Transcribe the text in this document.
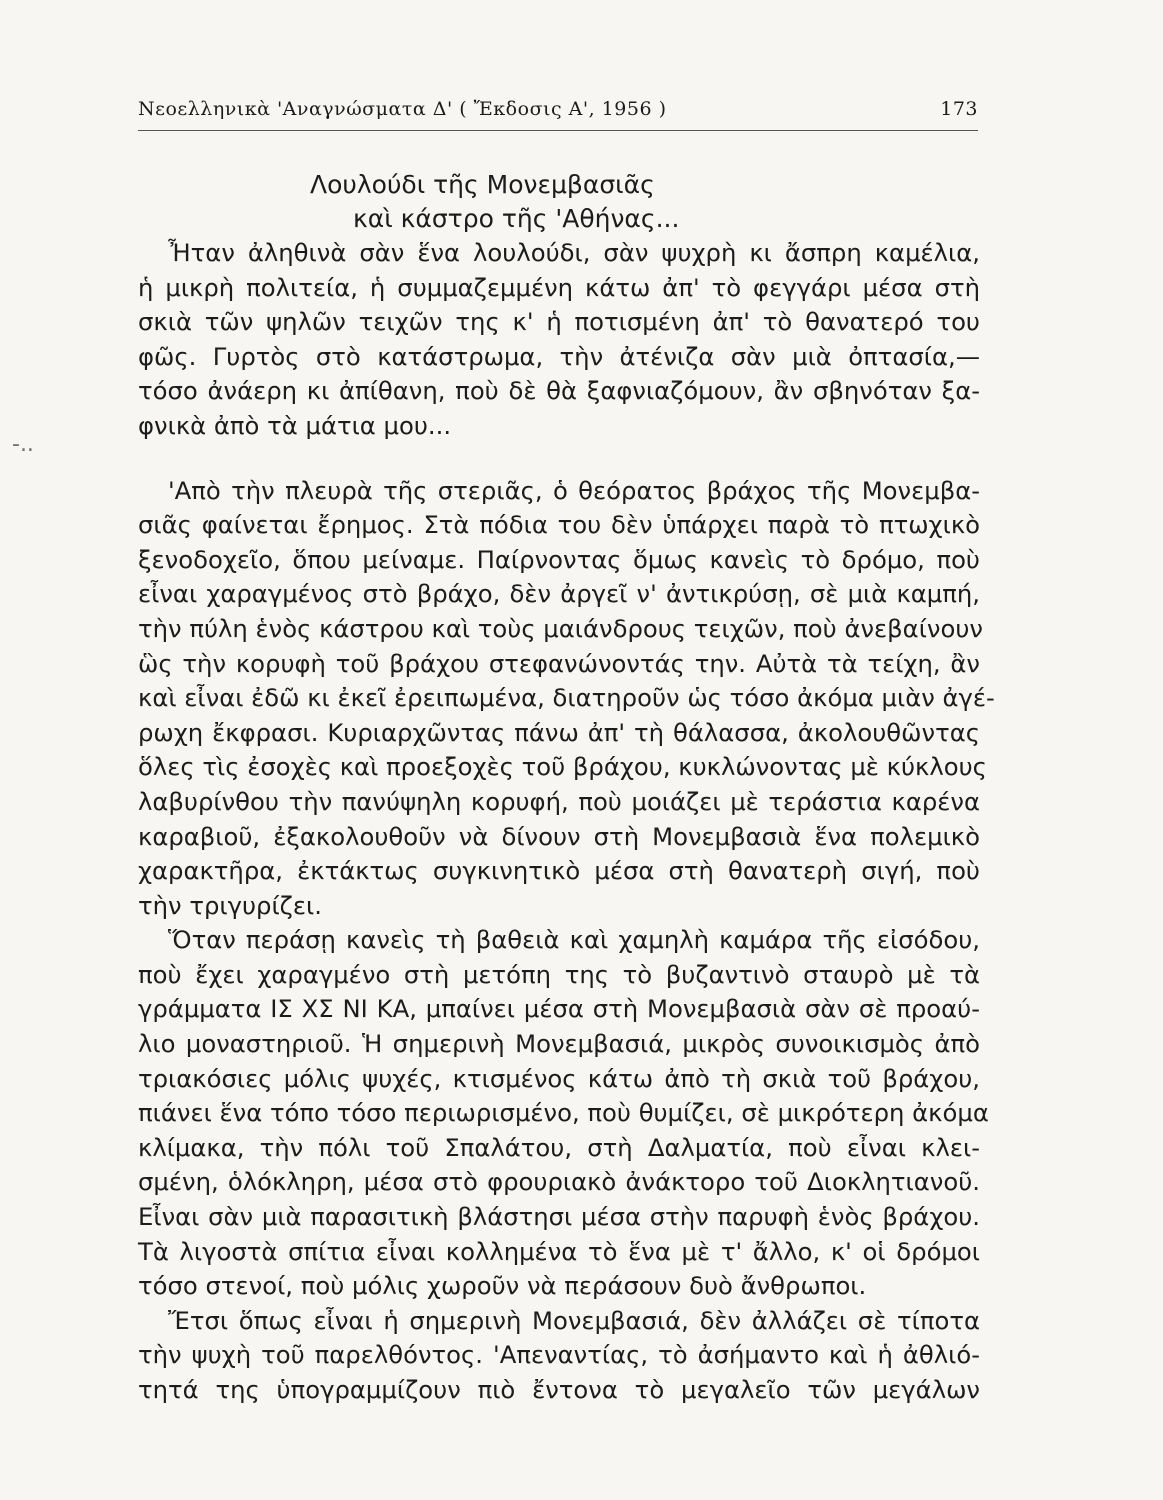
Νεοελληνικὰ 'Αναγνώσματα Δ' ( Ἔκδοσις Α', 1956 )	173
-..
Λουλούδι τῆς Μονεμβασιᾶς
καὶ κάστρο τῆς 'Αθήνας...
Ἦταν ἀληθινὰ σὰν ἕνα λουλούδι, σὰν ψυχρὴ κι ἄσπρη καμέλια,
ἡ μικρὴ πολιτεία, ἡ συμμαζεμμένη κάτω ἀπ' τὸ φεγγάρι μέσα στὴ
σκιὰ τῶν ψηλῶν τειχῶν της κ' ἡ ποτισμένη ἀπ' τὸ θανατερό του
φῶς. Γυρτὸς στὸ κατάστρωμα, τὴν ἀτένιζα σὰν μιὰ ὀπτασία,—
τόσο ἀνάερη κι ἀπίθανη, ποὺ δὲ θὰ ξαφνιαζόμουν, ἂν σβηνόταν ξα-
φνικὰ ἀπὸ τὰ μάτια μου...
'Απὸ τὴν πλευρὰ τῆς στεριᾶς, ὁ θεόρατος βράχος τῆς Μονεμβα-
σιᾶς φαίνεται ἔρημος. Στὰ πόδια του δὲν ὑπάρχει παρὰ τὸ πτωχικὸ
ξενοδοχεῖο, ὅπου μείναμε. Παίρνοντας ὅμως κανεὶς τὸ δρόμο, ποὺ
εἶναι χαραγμένος στὸ βράχο, δὲν ἀργεῖ ν' ἀντικρύσῃ, σὲ μιὰ καμπή,
τὴν πύλη ἑνὸς κάστρου καὶ τοὺς μαιάνδρους τειχῶν, ποὺ ἀνεβαίνουν
ὣς τὴν κορυφὴ τοῦ βράχου στεφανώνοντάς την. Αὐτὰ τὰ τείχη, ἂν
καὶ εἶναι ἐδῶ κι ἐκεῖ ἐρειπωμένα, διατηροῦν ὡς τόσο ἀκόμα μιὰν ἀγέ-
ρωχη ἔκφρασι. Κυριαρχῶντας πάνω ἀπ' τὴ θάλασσα, ἀκολουθῶντας
ὅλες τὶς ἐσοχὲς καὶ προεξοχὲς τοῦ βράχου, κυκλώνοντας μὲ κύκλους
λαβυρίνθου τὴν πανύψηλη κορυφή, ποὺ μοιάζει μὲ τεράστια καρένα
καραβιοῦ, ἐξακολουθοῦν νὰ δίνουν στὴ Μονεμβασιὰ ἕνα πολεμικὸ
χαρακτῆρα, ἐκτάκτως συγκινητικὸ μέσα στὴ θανατερὴ σιγή, ποὺ
τὴν τριγυρίζει.
Ὅταν περάσῃ κανεὶς τὴ βαθειὰ καὶ χαμηλὴ καμάρα τῆς εἰσόδου,
ποὺ ἔχει χαραγμένο στὴ μετόπη της τὸ βυζαντινὸ σταυρὸ μὲ τὰ
γράμματα ΙΣ ΧΣ ΝΙ ΚΑ, μπαίνει μέσα στὴ Μονεμβασιὰ σὰν σὲ προαύ-
λιο μοναστηριοῦ. Ἡ σημερινὴ Μονεμβασιά, μικρὸς συνοικισμὸς ἀπὸ
τριακόσιες μόλις ψυχές, κτισμένος κάτω ἀπὸ τὴ σκιὰ τοῦ βράχου,
πιάνει ἕνα τόπο τόσο περιωρισμένο, ποὺ θυμίζει, σὲ μικρότερη ἀκόμα
κλίμακα, τὴν πόλι τοῦ Σπαλάτου, στὴ Δαλματία, ποὺ εἶναι κλει-
σμένη, ὁλόκληρη, μέσα στὸ φρουριακὸ ἀνάκτορο τοῦ Διοκλητιανοῦ.
Εἶναι σὰν μιὰ παρασιτικὴ βλάστησι μέσα στὴν παρυφὴ ἑνὸς βράχου.
Τὰ λιγοστὰ σπίτια εἶναι κολλημένα τὸ ἕνα μὲ τ' ἄλλο, κ' οἱ δρόμοι
τόσο στενοί, ποὺ μόλις χωροῦν νὰ περάσουν δυὸ ἄνθρωποι.
Ἔτσι ὅπως εἶναι ἡ σημερινὴ Μονεμβασιά, δὲν ἀλλάζει σὲ τίποτα
τὴν ψυχὴ τοῦ παρελθόντος. 'Απεναντίας, τὸ ἀσήμαντο καὶ ἡ ἀθλιό-
τητά της ὑπογραμμίζουν πιὸ ἔντονα τὸ μεγαλεῖο τῶν μεγάλων
